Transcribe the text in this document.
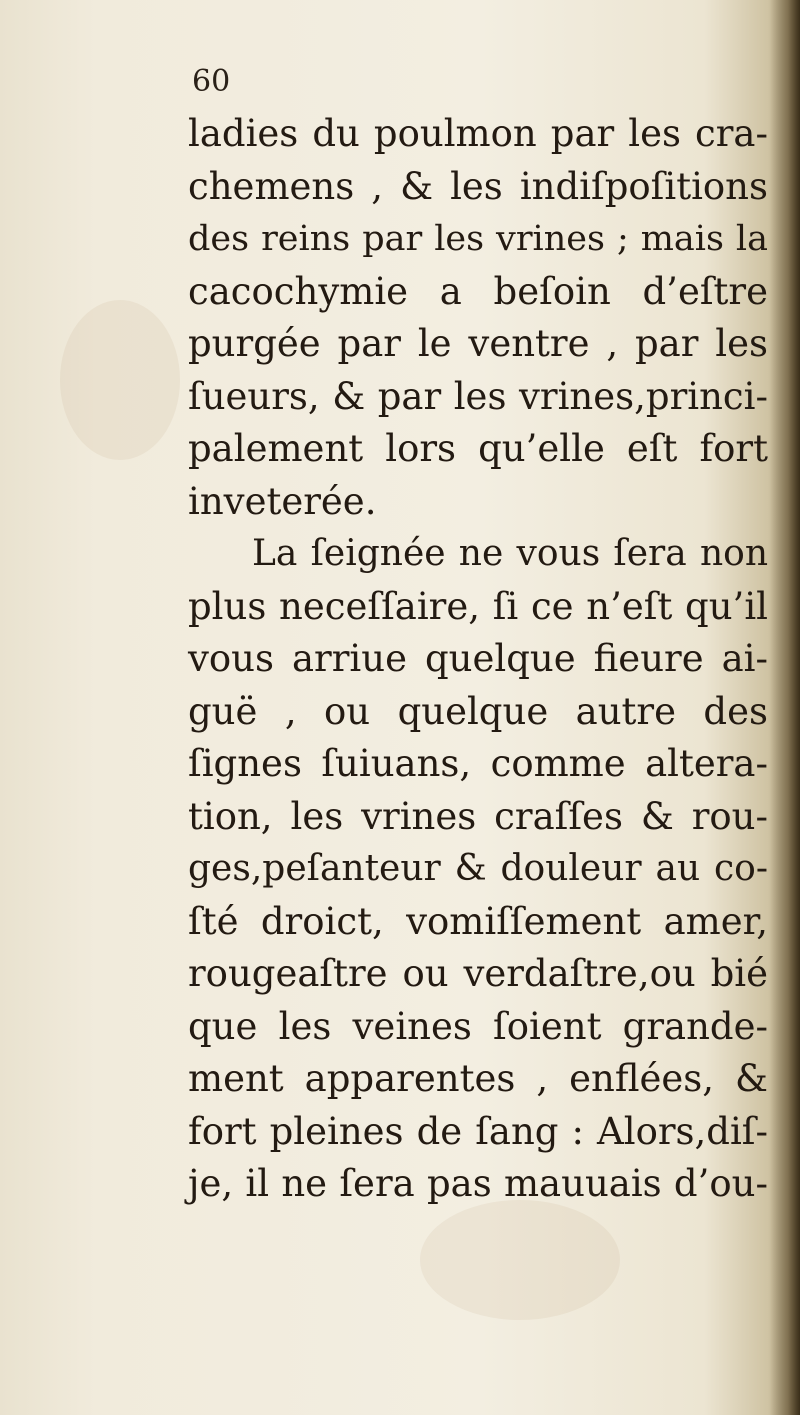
60
ladies du poulmon par les cra-
chemens , & les indiſpoſitions
des reins par les vrines ; mais la
cacochymie a beſoin d’eſtre
purgée par le ventre , par les
ſueurs, & par les vrines,princi-
palement lors qu’elle eſt fort
inveterée.
La ſeignée ne vous ſera non
plus neceſſaire, ſi ce n’eſt qu’il
vous arriue quelque fieure ai-
guë , ou quelque autre des
ſignes ſuiuans, comme altera-
tion, les vrines craſſes & rou-
ges,peſanteur & douleur au co-
ſté droict, vomiſſement amer,
rougeaſtre ou verdaſtre,ou bié
que les veines ſoient grande-
ment apparentes , enflées, &
fort pleines de ſang : Alors,diſ-
je, il ne ſera pas mauuais d’ou-
